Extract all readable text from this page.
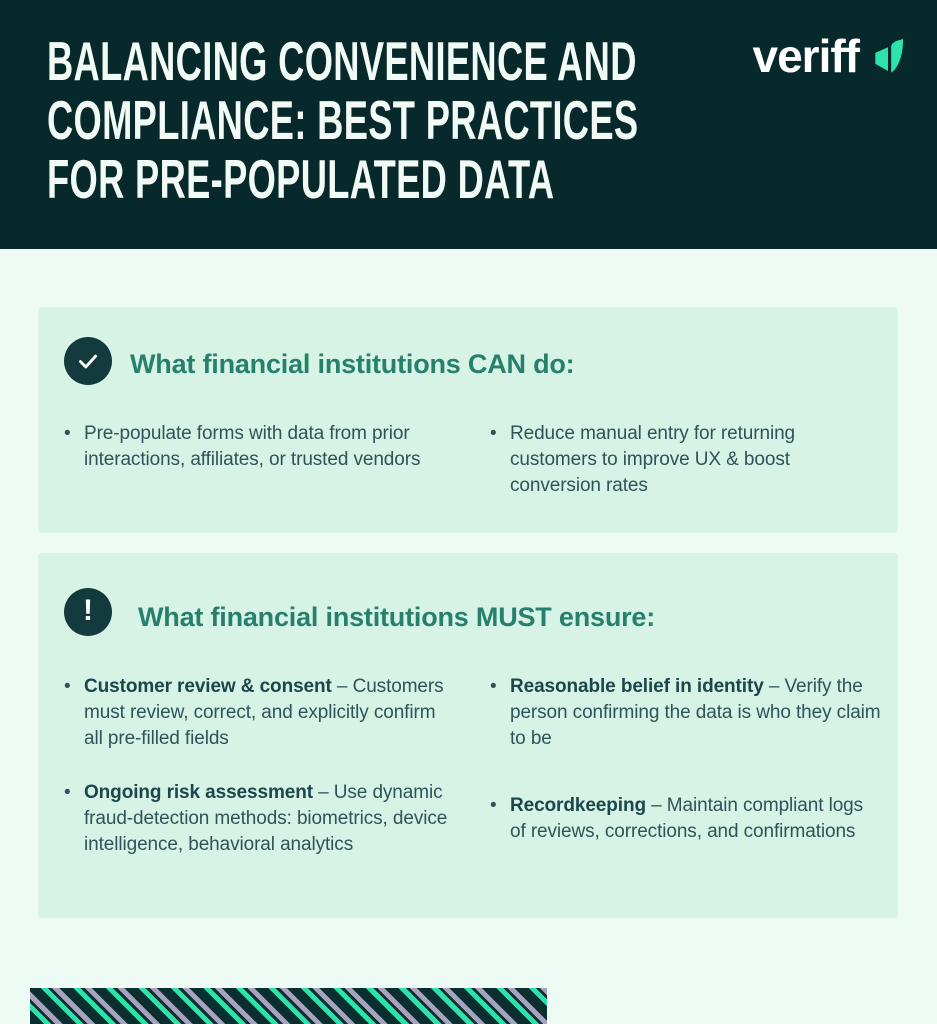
BALANCING CONVENIENCE AND
COMPLIANCE: BEST PRACTICES
FOR PRE-POPULATED DATA
veriff
What financial institutions CAN do:
• Pre-populate forms with data from prior interactions, affiliates, or trusted vendors
• Reduce manual entry for returning customers to improve UX & boost conversion rates
! What financial institutions MUST ensure:
• Customer review & consent – Customers must review, correct, and explicitly confirm all pre-filled fields
• Ongoing risk assessment – Use dynamic fraud-detection methods: biometrics, device intelligence, behavioral analytics
• Reasonable belief in identity – Verify the person confirming the data is who they claim to be
• Recordkeeping – Maintain compliant logs of reviews, corrections, and confirmations
